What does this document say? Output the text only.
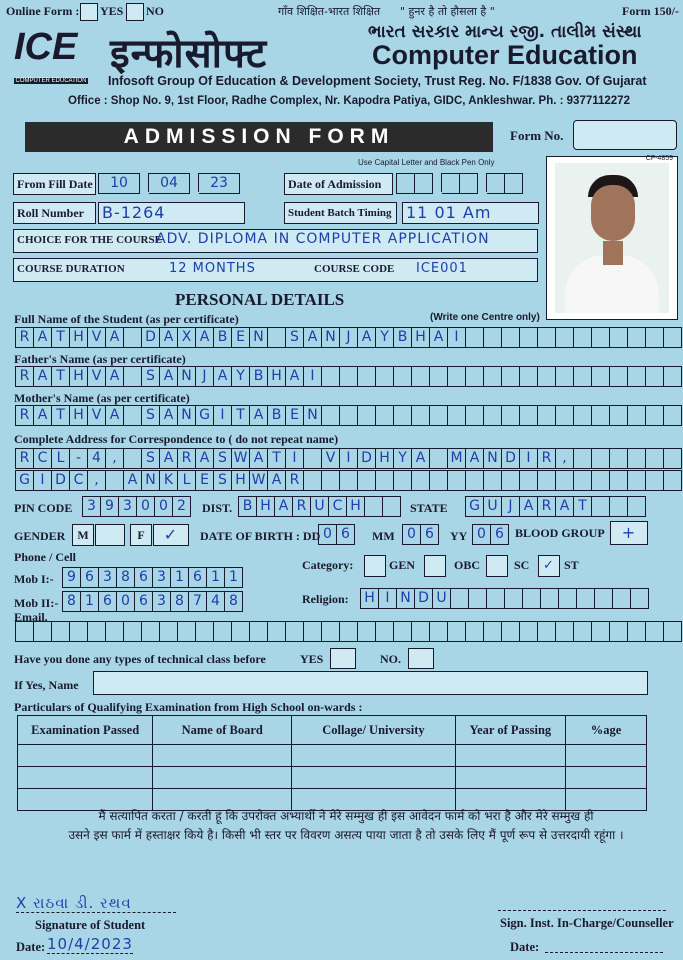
Online Form : YES NO	गाँव शिक्षित-भारत शिक्षित " हुनर है तो हौसला है "	Form 150/-
ICE
COMPUTER EDUCATION
इन्फोसोफ्ट	ભારત સરકાર માન્ય રજી. તાલીમ સંસ્થા
Computer Education
Infosoft Group Of Education & Development Society, Trust Reg. No. F/1838 Gov. Of Gujarat
Office : Shop No. 9, 1st Floor, Radhe Complex, Nr. Kapodra Patiya, GIDC, Ankleshwar. Ph. : 9377112272
ADMISSION FORM	Form No.
Use Capital Letter and Black Pen Only	CF-4859
From Fill Date	10	04	23	Date of Admission
Roll Number	B-1264	Student Batch Timing 11 01 Am
CHOICE FOR THE COURSE
ADV. DIPLOMA IN COMPUTER APPLICATION
COURSE DURATION	12 MONTHS	COURSE CODE ICE001
PERSONAL DETAILS
Full Name of the Student (as per certificate)	(Write one Centre only)
R A T H V A	D A X A B E N	S A N J A Y B H A I
Father's Name (as per certificate)
R A T H V A	S A N J A Y B H A I
Mother's Name (as per certificate)
R A T H V A	S A N G I T A B E N
Complete Address for Correspondence to ( do not repeat name)
R C L - 4 ,	S A R A S W A T I	V I D H Y A	M A N D I R ,
G I D C ,	A N K L E S H W A R
PIN CODE 3 9 3 0 0 2	DIST. B H A R U C H	STATE G U J A R A T
GENDER M	F	✓	DATE OF BIRTH : DD 0 6	MM 0 6	YY 0 6 BLOOD GROUP	+
Phone / Cell
Mob I:- 9 6 3 8 6 3 1 6 1 1
Mob II:- 8 1 6 0 6 3 8 7 4 8
Category:	GEN	OBC	SC	✓ ST
Religion: H I N D U
Email.
Have you done any types of technical class before	YES	NO.
If Yes, Name
Particulars of Qualifying Examination from High School on-wards :
Examination Passed	Name of Board	Collage/ University	Year of Passing	%age

मैं सत्यापित करता / करती हूं कि उपरोक्त अभ्यार्थी ने मेरे सम्मुख ही इस आवेदन फार्म को भरा है और मेरे सम्मुख ही
उसने इस फार्म में हस्ताक्षर किये है। किसी भी स्तर पर विवरण असत्य पाया जाता है तो उसके लिए मैं पूर्ण रूप से उत्तरदायी रहूंगा ।
X રાઠવા ડી. રથવ
Signature of Student
Date: 10/4/2023
Sign. Inst. In-Charge/Counseller
Date:
